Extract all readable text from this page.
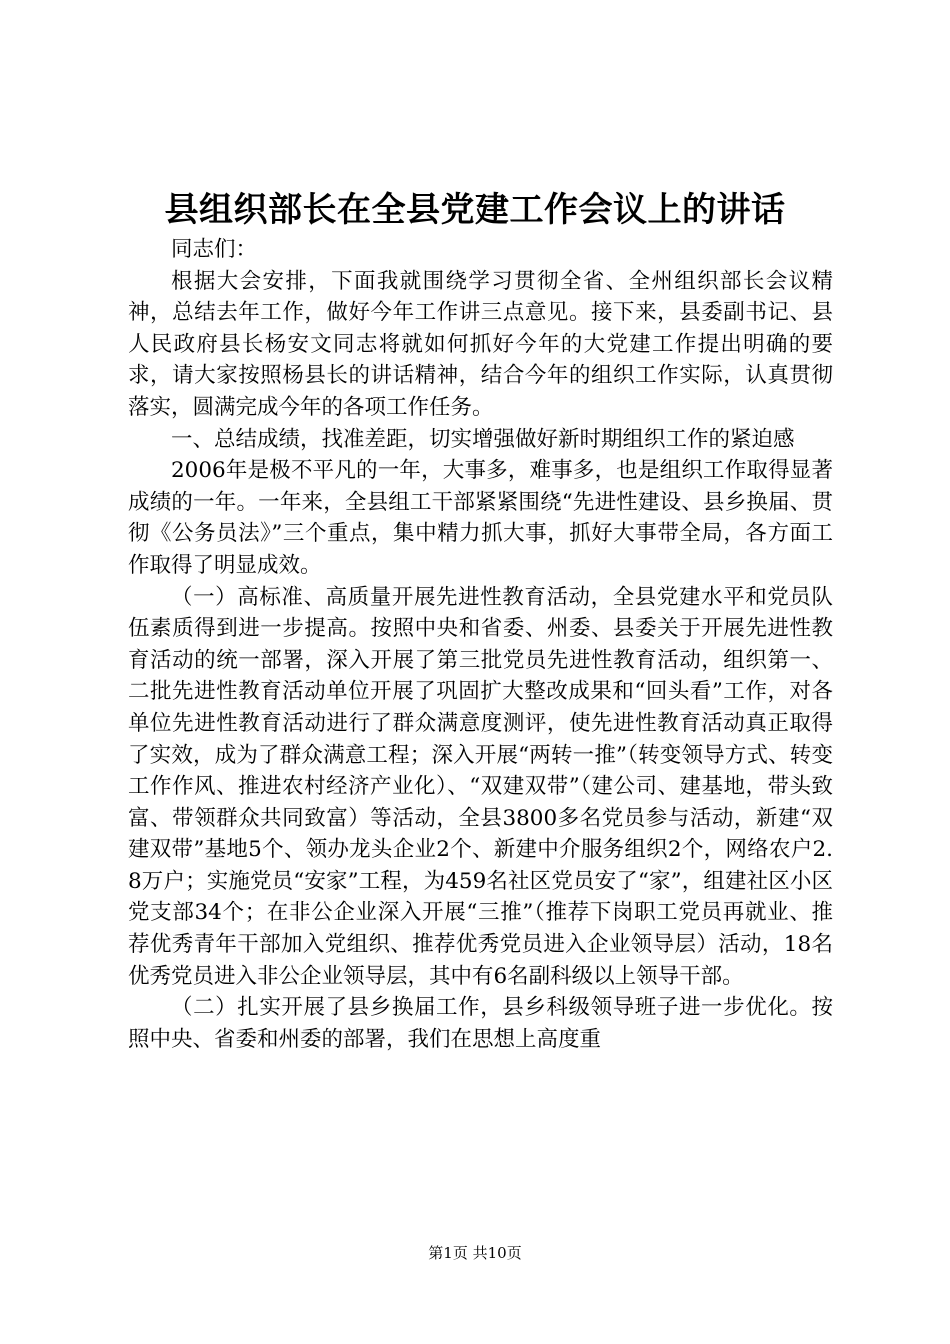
县组织部长在全县党建工作会议上的讲话

同志们：

根据大会安排，下面我就围绕学习贯彻全省、全州组织部长会议精神，总结去年工作，做好今年工作讲三点意见。接下来，县委副书记、县人民政府县长杨安文同志将就如何抓好今年的大党建工作提出明确的要求，请大家按照杨县长的讲话精神，结合今年的组织工作实际，认真贯彻落实，圆满完成今年的各项工作任务。

一、总结成绩，找准差距，切实增强做好新时期组织工作的紧迫感

2006年是极不平凡的一年，大事多，难事多，也是组织工作取得显著成绩的一年。一年来，全县组工干部紧紧围绕“先进性建设、县乡换届、贯彻《公务员法》”三个重点，集中精力抓大事，抓好大事带全局，各方面工作取得了明显成效。

（一）高标准、高质量开展先进性教育活动，全县党建水平和党员队伍素质得到进一步提高。按照中央和省委、州委、县委关于开展先进性教育活动的统一部署，深入开展了第三批党员先进性教育活动，组织第一、二批先进性教育活动单位开展了巩固扩大整改成果和“回头看”工作，对各单位先进性教育活动进行了群众满意度测评，使先进性教育活动真正取得了实效，成为了群众满意工程；深入开展“两转一推”（转变领导方式、转变工作作风、推进农村经济产业化）、“双建双带”（建公司、建基地，带头致富、带领群众共同致富）等活动，全县3800多名党员参与活动，新建“双建双带”基地5个、领办龙头企业2个、新建中介服务组织2个，网络农户2.8万户；实施党员“安家”工程，为459名社区党员安了“家”，组建社区小区党支部34个；在非公企业深入开展“三推”（推荐下岗职工党员再就业、推荐优秀青年干部加入党组织、推荐优秀党员进入企业领导层）活动，18名优秀党员进入非公企业领导层，其中有6名副科级以上领导干部。

（二）扎实开展了县乡换届工作，县乡科级领导班子进一步优化。按照中央、省委和州委的部署，我们在思想上高度重

第1页 共10页
